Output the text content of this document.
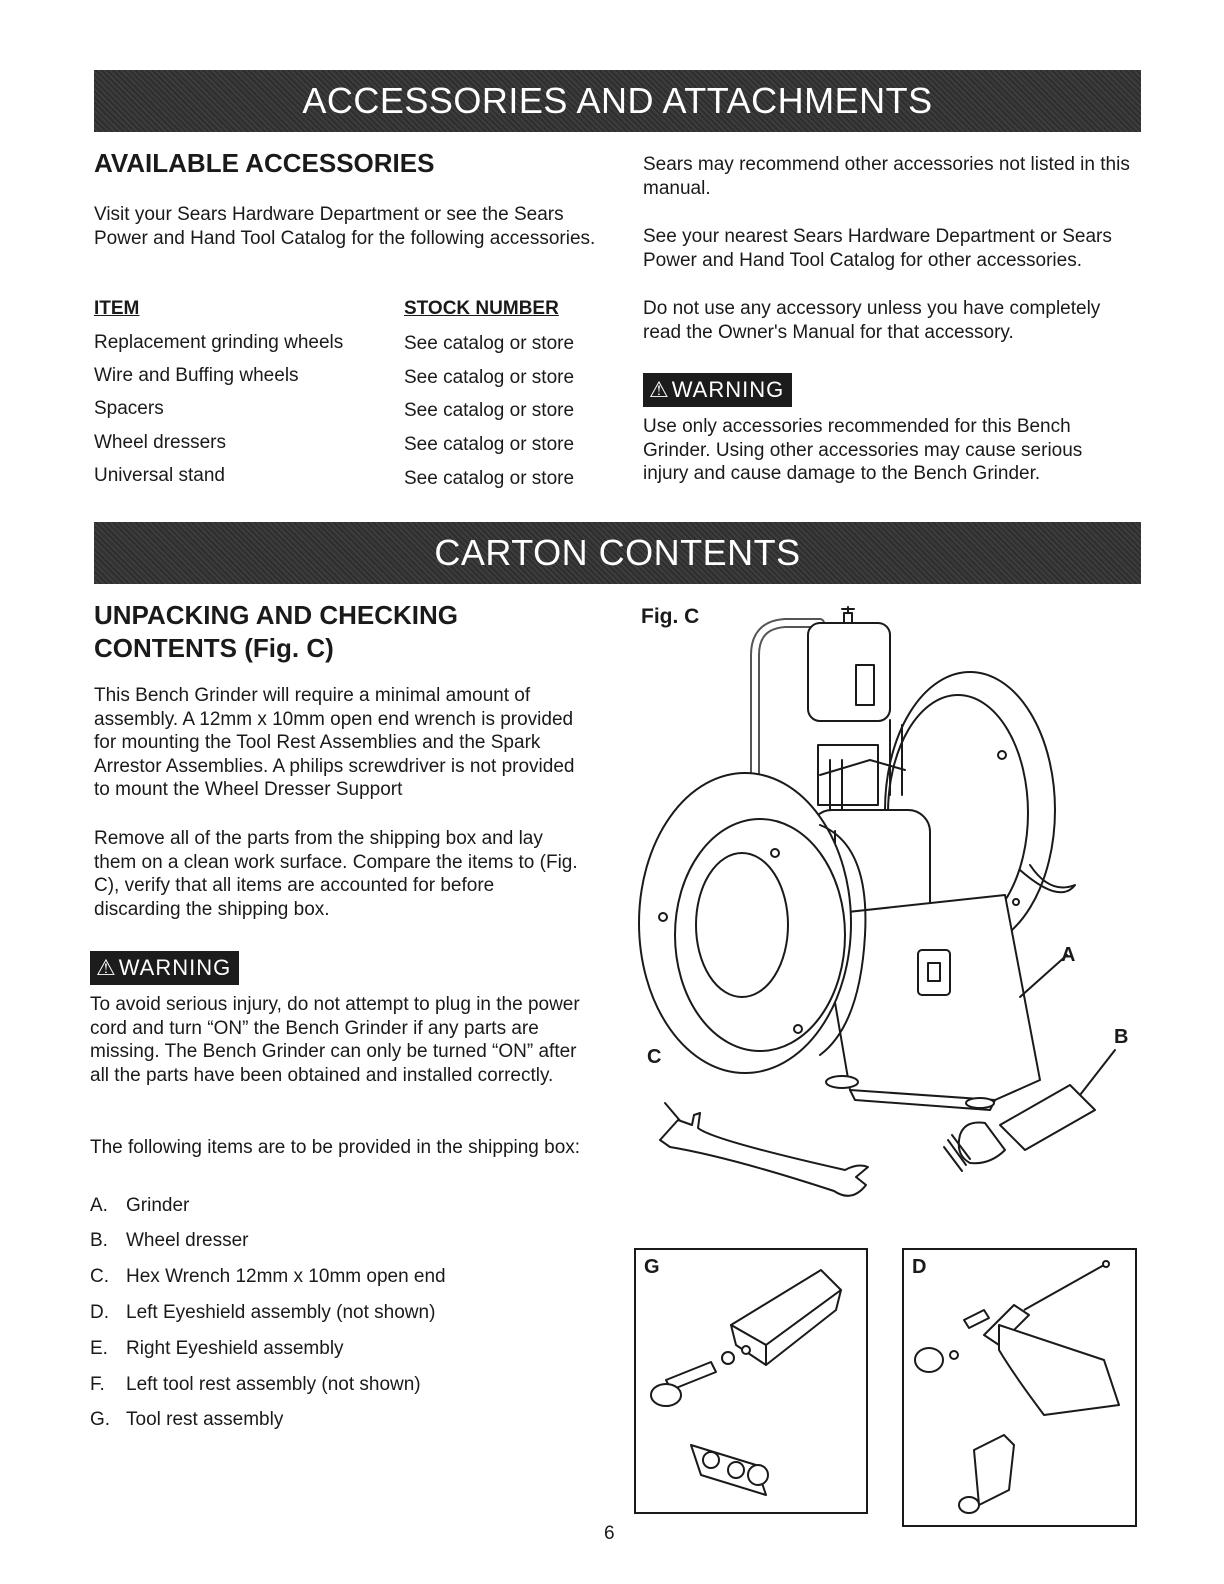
ACCESSORIES AND ATTACHMENTS
AVAILABLE ACCESSORIES
Visit your Sears Hardware Department or see the Sears Power and Hand Tool Catalog for the following accessories.
ITEM	STOCK NUMBER
Replacement grinding wheels	See catalog or store
Wire and Buffing wheels	See catalog or store
Spacers	See catalog or store
Wheel dressers	See catalog or store
Universal stand	See catalog or store
Sears may recommend other accessories not listed in this manual.
See your nearest Sears Hardware Department or Sears Power and Hand Tool Catalog for other accessories.
Do not use any accessory unless you have completely read the Owner's Manual for that accessory.
⚠WARNING
Use only accessories recommended for this Bench Grinder. Using other accessories may cause serious injury and cause damage to the Bench Grinder.
CARTON CONTENTS
UNPACKING AND CHECKING
CONTENTS (Fig. C)
This Bench Grinder will require a minimal amount of assembly. A 12mm x 10mm open end wrench is provided for mounting the Tool Rest Assemblies and the Spark Arrestor Assemblies. A philips screwdriver is not provided to mount the Wheel Dresser Support
Remove all of the parts from the shipping box and lay them on a clean work surface. Compare the items to (Fig. C), verify that all items are accounted for before discarding the shipping box.
⚠WARNING
To avoid serious injury, do not attempt to plug in the power cord and turn “ON” the Bench Grinder if any parts are missing. The Bench Grinder can only be turned “ON” after all the parts have been obtained and installed correctly.
The following items are to be provided in the shipping box:
A. Grinder
B. Wheel dresser
C. Hex Wrench 12mm x 10mm open end
D. Left Eyeshield assembly (not shown)
E. Right Eyeshield assembly
F. Left tool rest assembly (not shown)
G. Tool rest assembly
Fig. C
A
B
C
G	D
6
